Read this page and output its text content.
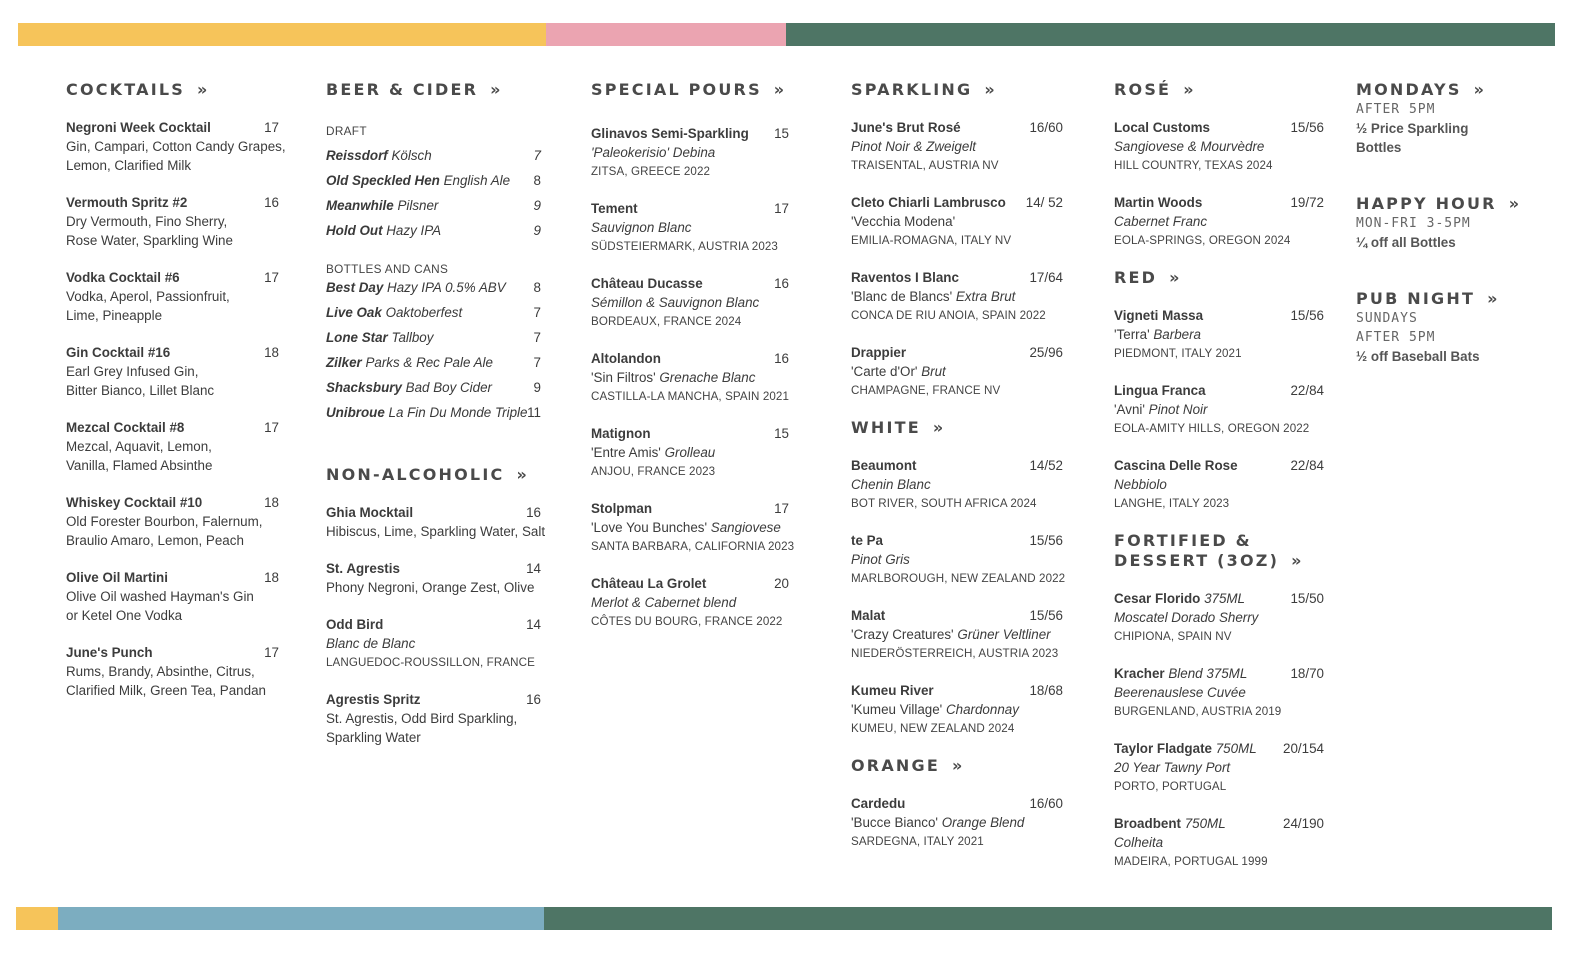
COCKTAILS »
Negroni Week Cocktail	17
Gin, Campari, Cotton Candy Grapes,
Lemon, Clarified Milk
Vermouth Spritz #2	16
Dry Vermouth, Fino Sherry,
Rose Water, Sparkling Wine
Vodka Cocktail #6	17
Vodka, Aperol, Passionfruit,
Lime, Pineapple
Gin Cocktail #16	18
Earl Grey Infused Gin,
Bitter Bianco, Lillet Blanc
Mezcal Cocktail #8	17
Mezcal, Aquavit, Lemon,
Vanilla, Flamed Absinthe
Whiskey Cocktail #10	18
Old Forester Bourbon, Falernum,
Braulio Amaro, Lemon, Peach
Olive Oil Martini	18
Olive Oil washed Hayman's Gin
or Ketel One Vodka
June's Punch	17
Rums, Brandy, Absinthe, Citrus,
Clarified Milk, Green Tea, Pandan
BEER & CIDER »
DRAFT
Reissdorf Kölsch	7
Old Speckled Hen English Ale 8
Meanwhile Pilsner	9
Hold Out Hazy IPA	9
BOTTLES AND CANS
Best Day Hazy IPA 0.5% ABV 8
Live Oak Oaktoberfest	7
Lone Star Tallboy	7
Zilker Parks & Rec Pale Ale	7
Shacksbury Bad Boy Cider	9
Unibroue La Fin Du Monde Triple 11
NON-ALCOHOLIC »
Ghia Mocktail	16
Hibiscus, Lime, Sparkling Water, Salt
St. Agrestis	14
Phony Negroni, Orange Zest, Olive
Odd Bird	14
Blanc de Blanc
LANGUEDOC-ROUSSILLON, FRANCE
Agrestis Spritz	16
St. Agrestis, Odd Bird Sparkling,
Sparkling Water
SPECIAL POURS »
Glinavos Semi-Sparkling	15
'Paleokerisio' Debina
ZITSA, GREECE 2022
Tement	17
Sauvignon Blanc
SÜDSTEIERMARK, AUSTRIA 2023
Château Ducasse	16
Sémillon & Sauvignon Blanc
BORDEAUX, FRANCE 2024
Altolandon	16
'Sin Filtros' Grenache Blanc
CASTILLA-LA MANCHA, SPAIN 2021
Matignon	15
'Entre Amis' Grolleau
ANJOU, FRANCE 2023
Stolpman	17
'Love You Bunches' Sangiovese
SANTA BARBARA, CALIFORNIA 2023
Château La Grolet	20
Merlot & Cabernet blend
CÔTES DU BOURG, FRANCE 2022
SPARKLING »
June's Brut Rosé	16/60
Pinot Noir & Zweigelt
TRAISENTAL, AUSTRIA NV
Cleto Chiarli Lambrusco	14/ 52
'Vecchia Modena'
EMILIA-ROMAGNA, ITALY NV
Raventos I Blanc	17/64
'Blanc de Blancs' Extra Brut
CONCA DE RIU ANOIA, SPAIN 2022
Drappier	25/96
'Carte d'Or' Brut
CHAMPAGNE, FRANCE NV
WHITE »
Beaumont	14/52
Chenin Blanc
BOT RIVER, SOUTH AFRICA 2024
te Pa	15/56
Pinot Gris
MARLBOROUGH, NEW ZEALAND 2022
Malat	15/56
'Crazy Creatures' Grüner Veltliner
NIEDERÖSTERREICH, AUSTRIA 2023
Kumeu River	18/68
'Kumeu Village' Chardonnay
KUMEU, NEW ZEALAND 2024
ORANGE »
Cardedu	16/60
'Bucce Bianco' Orange Blend
SARDEGNA, ITALY 2021
ROSÉ »
Local Customs	15/56
Sangiovese & Mourvèdre
HILL COUNTRY, TEXAS 2024
Martin Woods	19/72
Cabernet Franc
EOLA-SPRINGS, OREGON 2024
RED »
Vigneti Massa	15/56
'Terra' Barbera
PIEDMONT, ITALY 2021
Lingua Franca	22/84
'Avni' Pinot Noir
EOLA-AMITY HILLS, OREGON 2022
Cascina Delle Rose	22/84
Nebbiolo
LANGHE, ITALY 2023
FORTIFIED &
DESSERT (3OZ) »
Cesar Florido 375ML	15/50
Moscatel Dorado Sherry
CHIPIONA, SPAIN NV
Kracher Blend 375ML	18/70
Beerenauslese Cuvée
BURGENLAND, AUSTRIA 2019
Taylor Fladgate 750ML	20/154
20 Year Tawny Port
PORTO, PORTUGAL
Broadbent 750ML	24/190
Colheita
MADEIRA, PORTUGAL 1999
MONDAYS »
AFTER 5PM
½ Price Sparkling
Bottles
HAPPY HOUR »
MON-FRI 3-5PM
¼ off all Bottles
PUB NIGHT »
SUNDAYS
AFTER 5PM
½ off Baseball Bats
